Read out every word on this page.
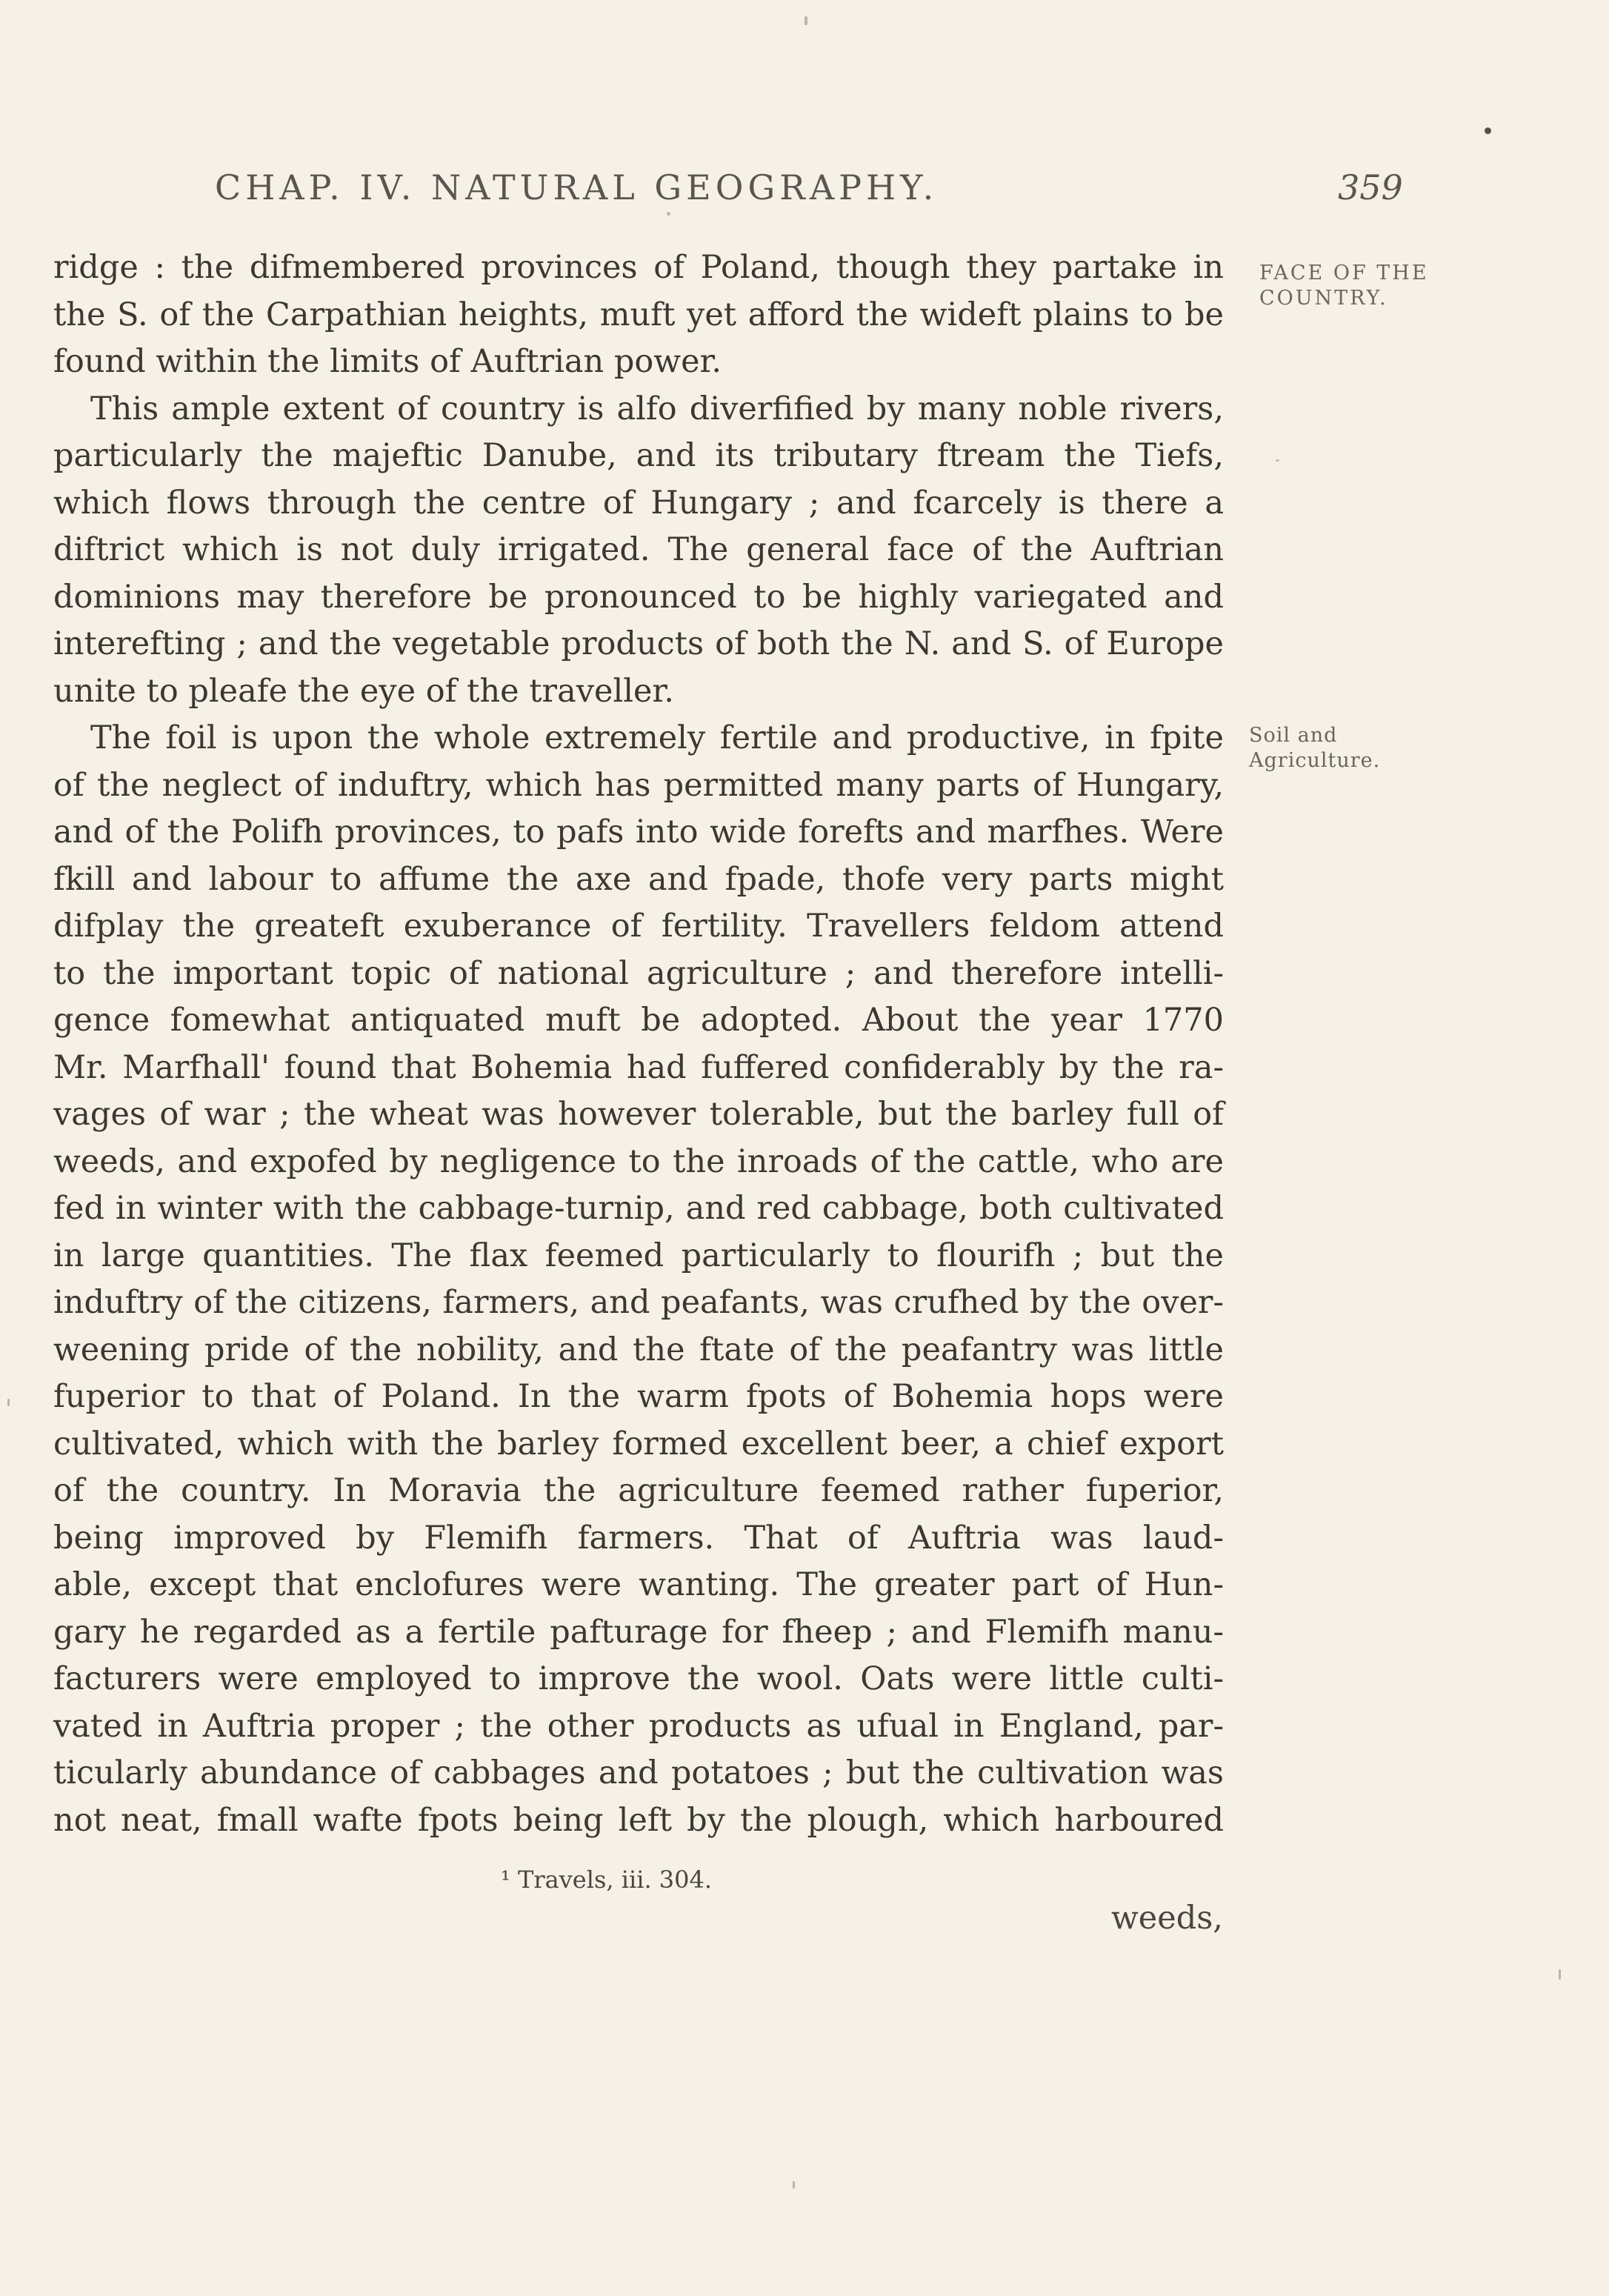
CHAP. IV. NATURAL GEOGRAPHY.	359
FACE OF THE
COUNTRY.
Soil and
Agriculture.
ridge : the difmembered provinces of Poland, though they partake in
the S. of the Carpathian heights, muft yet afford the wideft plains to be
found within the limits of Auftrian power.
This ample extent of country is alfo diverfified by many noble rivers,
particularly the majeftic Danube, and its tributary ftream the Tiefs,
which flows through the centre of Hungary ; and fcarcely is there a
diftrict which is not duly irrigated. The general face of the Auftrian
dominions may therefore be pronounced to be highly variegated and
interefting ; and the vegetable products of both the N. and S. of Europe
unite to pleafe the eye of the traveller.
The foil is upon the whole extremely fertile and productive, in fpite
of the neglect of induftry, which has permitted many parts of Hungary,
and of the Polifh provinces, to pafs into wide forefts and marfhes. Were
fkill and labour to affume the axe and fpade, thofe very parts might
difplay the greateft exuberance of fertility. Travellers feldom attend
to the important topic of national agriculture ; and therefore intelli-
gence fomewhat antiquated muft be adopted. About the year 1770
Mr. Marfhall' found that Bohemia had fuffered confiderably by the ra-
vages of war ; the wheat was however tolerable, but the barley full of
weeds, and expofed by negligence to the inroads of the cattle, who are
fed in winter with the cabbage-turnip, and red cabbage, both cultivated
in large quantities. The flax feemed particularly to flourifh ; but the
induftry of the citizens, farmers, and peafants, was crufhed by the over-
weening pride of the nobility, and the ftate of the peafantry was little
fuperior to that of Poland. In the warm fpots of Bohemia hops were
cultivated, which with the barley formed excellent beer, a chief export
of the country. In Moravia the agriculture feemed rather fuperior,
being improved by Flemifh farmers. That of Auftria was laud-
able, except that enclofures were wanting. The greater part of Hun-
gary he regarded as a fertile pafturage for fheep ; and Flemifh manu-
facturers were employed to improve the wool. Oats were little culti-
vated in Auftria proper ; the other products as ufual in England, par-
ticularly abundance of cabbages and potatoes ; but the cultivation was
not neat, fmall wafte fpots being left by the plough, which harboured
¹ Travels, iii. 304.
weeds,
